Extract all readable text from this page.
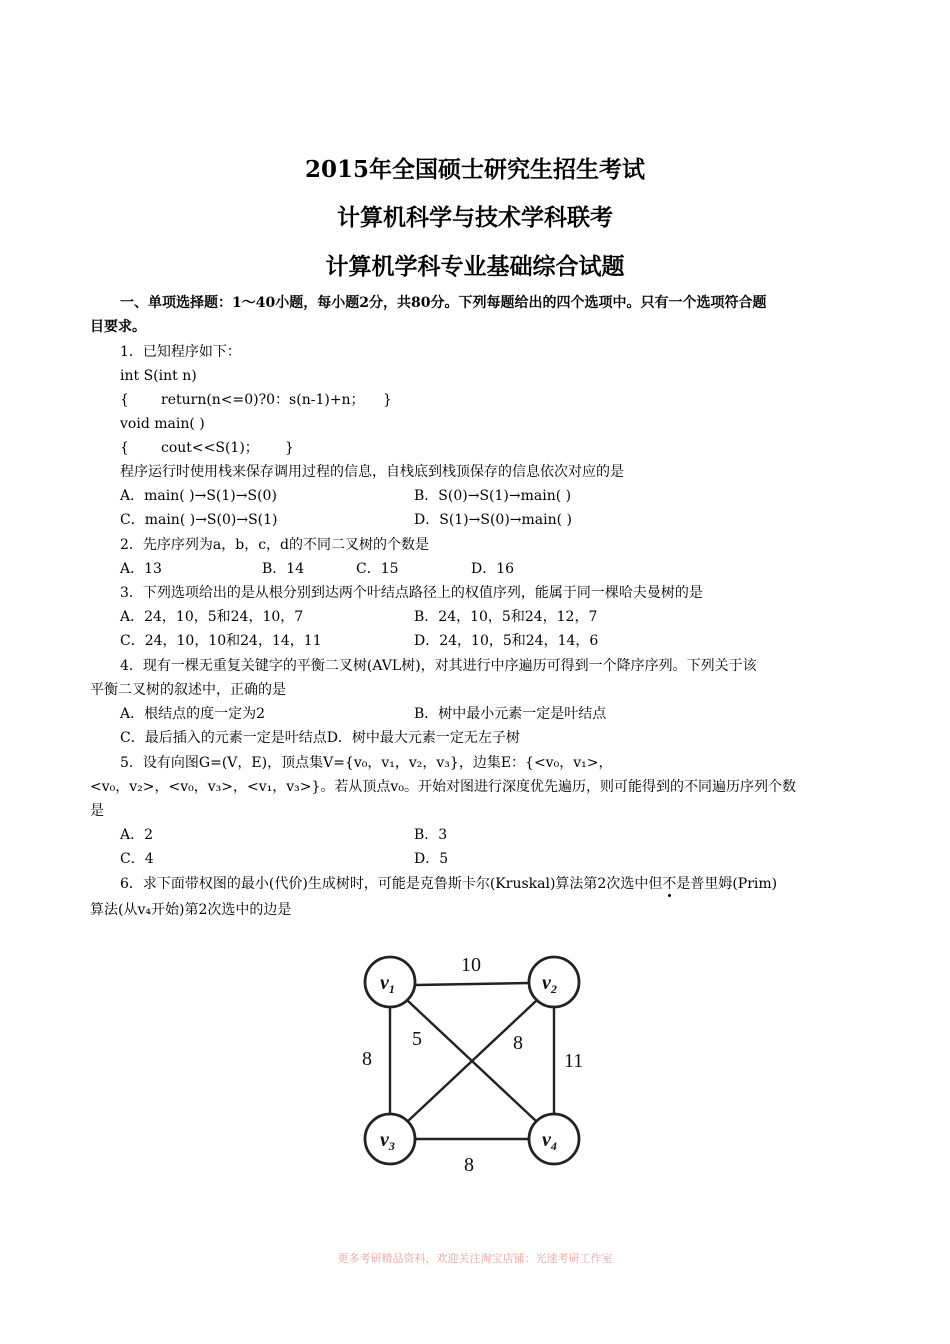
2015年全国硕士研究生招生考试
计算机科学与技术学科联考
计算机学科专业基础综合试题
一、单项选择题：1～40小题，每小题2分，共80分。下列每题给出的四个选项中。只有一个选项符合题
目要求。
1．已知程序如下：
int S(int n)
{ return(n<=0)?0：s(n-1)+n； }
void main( )
{ cout<<S(1)； }
程序运行时使用栈来保存调用过程的信息，自栈底到栈顶保存的信息依次对应的是
A．main( )→S(1)→S(0)	B．S(0)→S(1)→main( )
C．main( )→S(0)→S(1)	D．S(1)→S(0)→main( )
2．先序序列为a，b，c，d的不同二叉树的个数是
A．13	B．14	C．15	D．16
3．下列选项给出的是从根分别到达两个叶结点路径上的权值序列，能属于同一棵哈夫曼树的是
A．24，10，5和24，10，7	B．24，10，5和24，12，7
C．24，10，10和24，14，11	D．24，10，5和24，14，6
4．现有一棵无重复关键字的平衡二叉树(AVL树)，对其进行中序遍历可得到一个降序序列。下列关于该
平衡二叉树的叙述中，正确的是
A．根结点的度一定为2	B．树中最小元素一定是叶结点
C．最后插入的元素一定是叶结点D．树中最大元素一定无左子树
5．设有向图G=(V，E)，顶点集V={v₀，v₁，v₂，v₃}，边集E：{<v₀，v₁>，
<v₀，v₂>，<v₀，v₃>，<v₁，v₃>}。若从顶点v₀。开始对图进行深度优先遍历，则可能得到的不同遍历序列个数
是
A．2	B．3
C．4	D．5
6．求下面带权图的最小(代价)生成树时，可能是克鲁斯卡尔(Kruskal)算法第2次选中但不是普里姆(Prim)
算法(从v₄开始)第2次选中的边是
$v_1$	$v_2$
$v_3$	$v_4$
10
5	8
8	11
8
更多考研精品资料，欢迎关注淘宝店铺：光速考研工作室
